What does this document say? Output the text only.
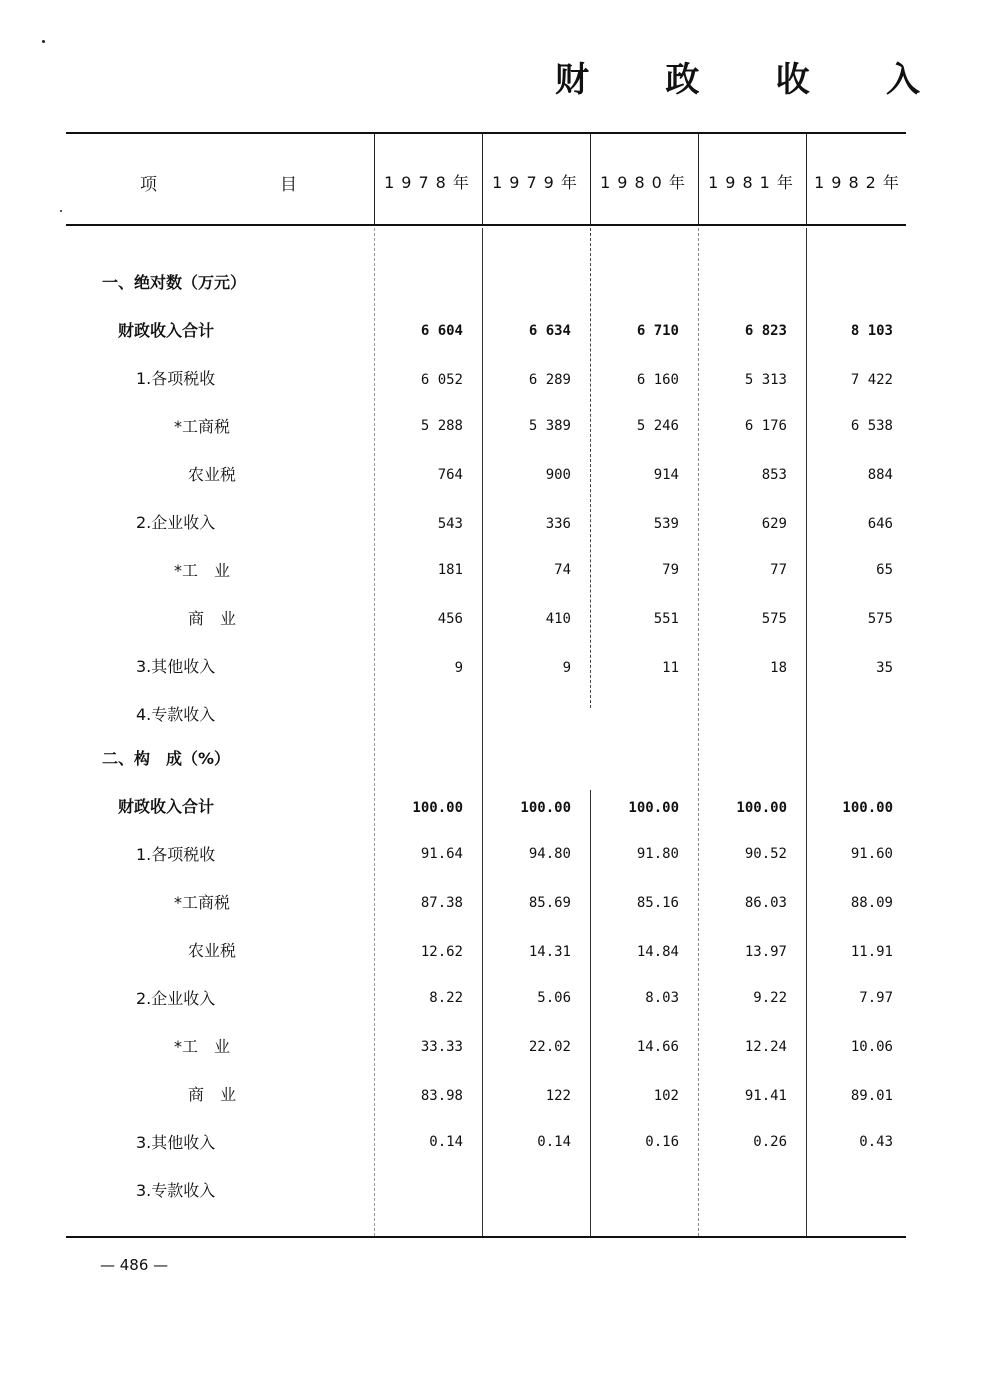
财 政 收 入
项	目	1978年	1979年	1980年	1981年 1982年
一、绝对数（万元）
财政收入合计	6 604	6 634	6 710	6 823	8 103
1.各项税收	6 052	6 289	6 160	5 313	7 422
*工商税	5 288	5 389	5 246	6 176	6 538
农业税	764	900	914	853	884
2.企业收入	543	336	539	629	646
*工　业	181	74	79	77	65
商　业	456	410	551	575	575
3.其他收入	9	9	11	18	35
4.专款收入
二、构　成（%）
财政收入合计	100.00	100.00	100.00	100.00	100.00
1.各项税收	91.64	94.80	91.80	90.52	91.60
*工商税	87.38	85.69	85.16	86.03	88.09
农业税	12.62	14.31	14.84	13.97	11.91
2.企业收入	8.22	5.06	8.03	9.22	7.97
*工　业	33.33	22.02	14.66	12.24	10.06
商　业	83.98	122	102	91.41	89.01
3.其他收入	0.14	0.14	0.16	0.26	0.43
3.专款收入
— 486 —
